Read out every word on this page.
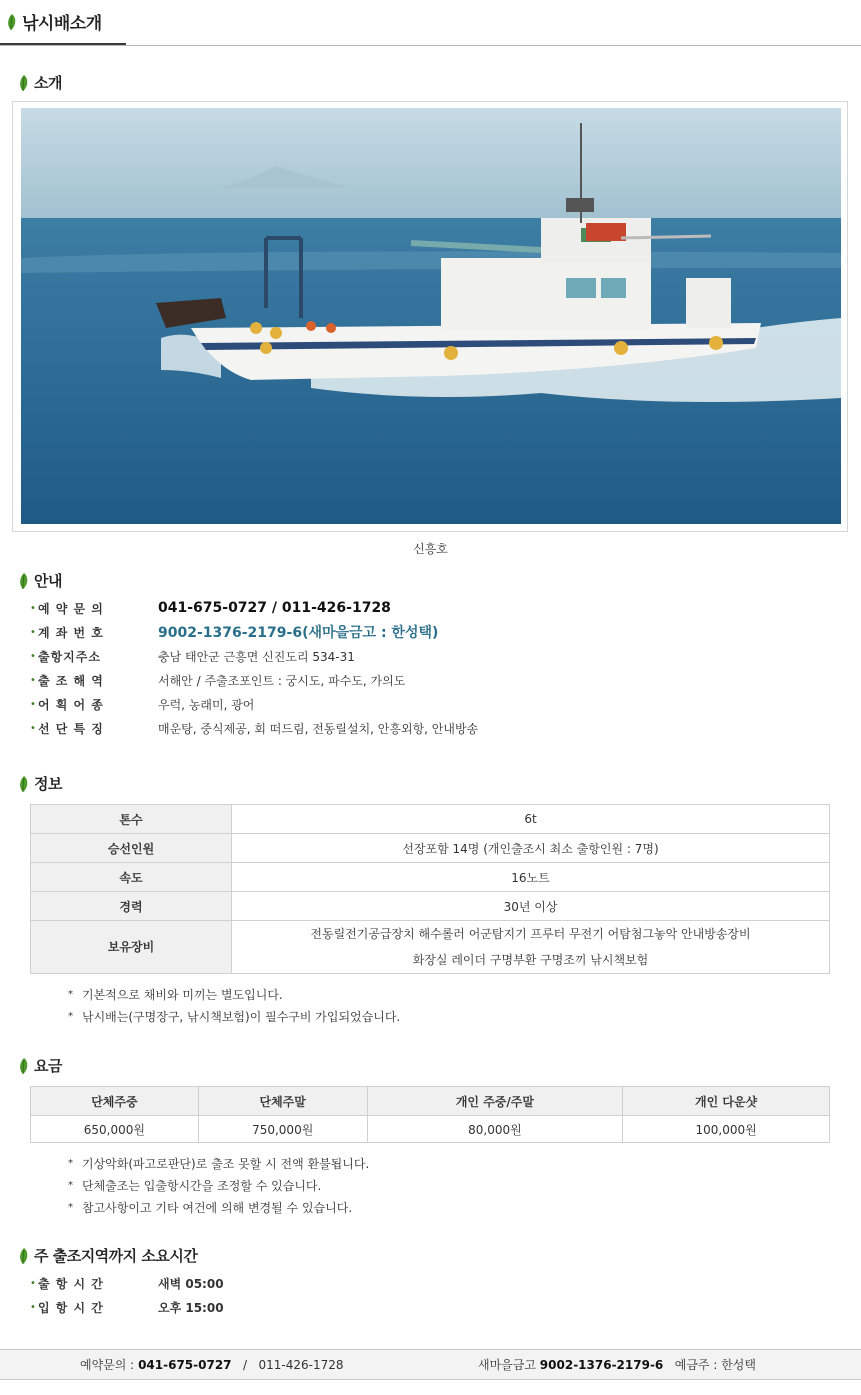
낚시배소개
소개
신흥호
안내
• 예 약 문 의	041-675-0727 / 011-426-1728
• 계 좌 번 호	9002-1376-2179-6(새마을금고 : 한성택)
• 출항지주소	충남 태안군 근흥면 신진도리 534-31
• 출 조 해 역	서해안 / 주출조포인트 : 궁시도, 파수도, 가의도
• 어 획 어 종	우럭, 농래미, 광어
• 선 단 특 징	매운탕, 중식제공, 회 떠드림, 전동릴설치, 안흥외항, 안내방송
정보
톤수	6t
승선인원	선장포함 14명 (개인출조시 최소 출항인원 : 7명)
속도	16노트
경력	30년 이상
보유장비	전동릴전기공급장치 해수롤러 어군탐지기 프루터 무전기 어탐첨그놓악 안내방송장비
화장실 레이더 구명부환 구명조끼 낚시책보험
* 기본적으로 채비와 미끼는 별도입니다.
* 낚시배는(구명장구, 낚시책보험)이 필수구비 가입되었습니다.
요금
단체주중	단체주말	개인 주중/주말	개인 다운샷
650,000원	750,000원	80,000원	100,000원
* 기상악화(파고로판단)로 출조 못할 시 전액 환불됩니다.
* 단체출조는 입출항시간을 조정할 수 있습니다.
* 참고사항이고 기타 여건에 의해 변경될 수 있습니다.
주 출조지역까지 소요시간
• 출 항 시 간	새벽 05:00
• 입 항 시 간	오후 15:00
예약문의 : 041-675-0727 / 011-426-1728	새마을금고 9002-1376-2179-6 예금주 : 한성택
